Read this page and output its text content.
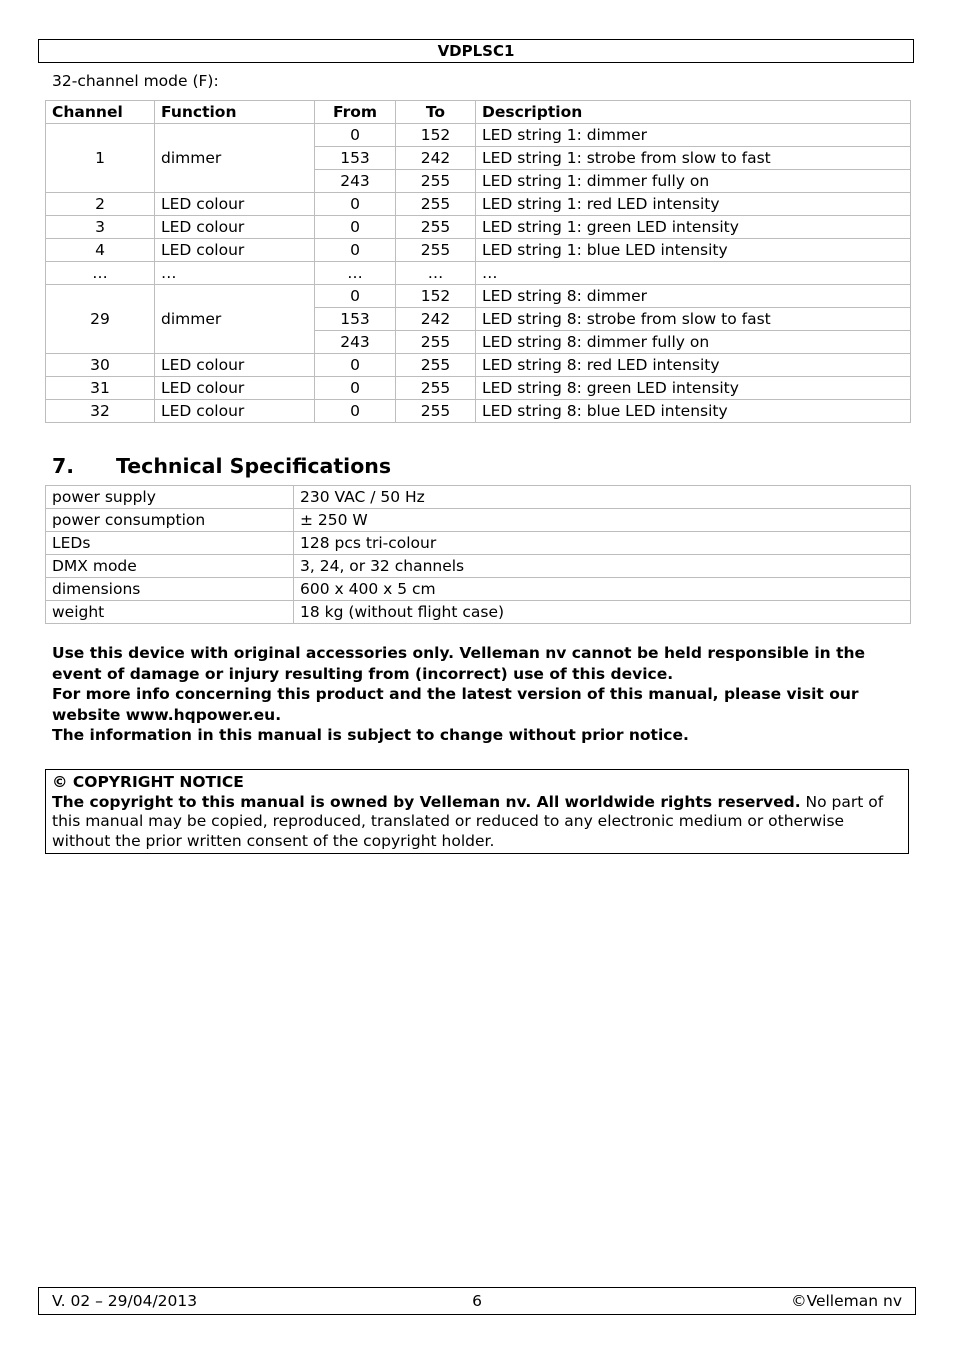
VDPLSC1
32-channel mode (F):
Channel	Function	From	To	Description
1	dimmer	0	152	LED string 1: dimmer
		153	242	LED string 1: strobe from slow to fast
		243	255	LED string 1: dimmer fully on
2	LED colour	0	255	LED string 1: red LED intensity
3	LED colour	0	255	LED string 1: green LED intensity
4	LED colour	0	255	LED string 1: blue LED intensity
…	…	…	…	…
29	dimmer	0	152	LED string 8: dimmer
		153	242	LED string 8: strobe from slow to fast
		243	255	LED string 8: dimmer fully on
30	LED colour	0	255	LED string 8: red LED intensity
31	LED colour	0	255	LED string 8: green LED intensity
32	LED colour	0	255	LED string 8: blue LED intensity
7. Technical Specifications
power supply	230 VAC / 50 Hz
power consumption	± 250 W
LEDs	128 pcs tri-colour
DMX mode	3, 24, or 32 channels
dimensions	600 x 400 x 5 cm
weight	18 kg (without flight case)

Use this device with original accessories only. Velleman nv cannot be held responsible in the event of damage or injury resulting from (incorrect) use of this device.

For more info concerning this product and the latest version of this manual, please visit our website www.hqpower.eu.

The information in this manual is subject to change without prior notice.

© COPYRIGHT NOTICE
The copyright to this manual is owned by Velleman nv. All worldwide rights reserved. No part of this manual may be copied, reproduced, translated or reduced to any electronic medium or otherwise without the prior written consent of the copyright holder.
V. 02 – 29/04/2013	6	©Velleman nv
